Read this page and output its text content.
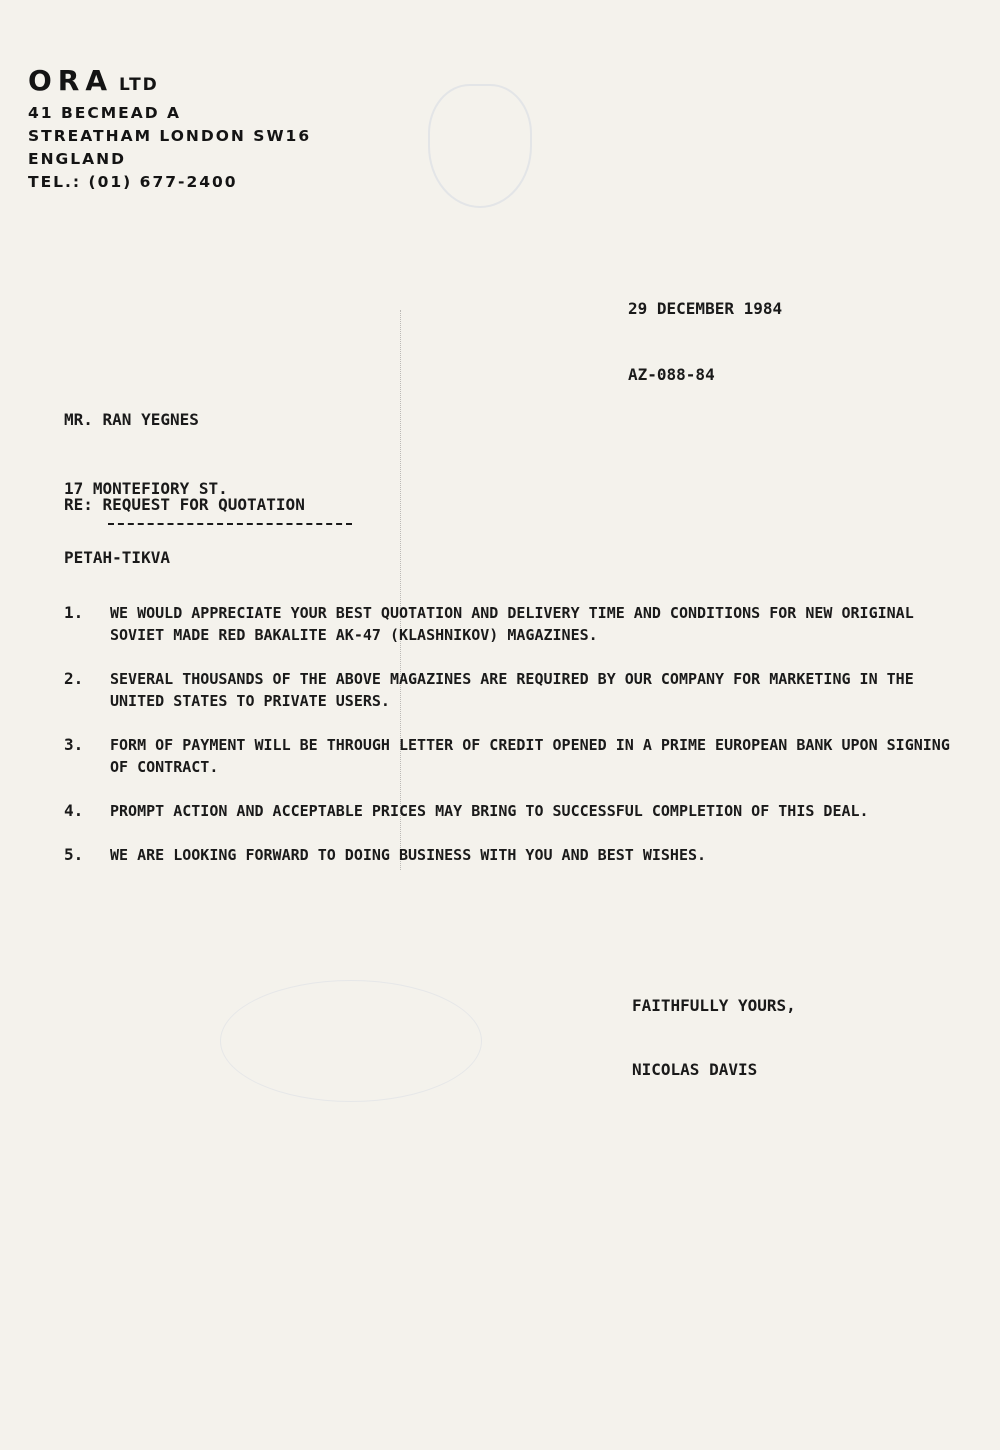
ORA LTD
41 BECMEAD A
STREATHAM LONDON SW16
ENGLAND
TEL.: (01) 677-2400

29 DECEMBER 1984

AZ-088-84

MR. RAN YEGNES

17 MONTEFIORY ST.

PETAH-TIKVA

RE: REQUEST FOR QUOTATION
1.	WE WOULD APPRECIATE YOUR BEST QUOTATION AND DELIVERY TIME AND CONDITIONS FOR NEW ORIGINAL SOVIET MADE RED BAKALITE AK-47 (KLASHNIKOV) MAGAZINES.
2.	SEVERAL THOUSANDS OF THE ABOVE MAGAZINES ARE REQUIRED BY OUR COMPANY FOR MARKETING IN THE UNITED STATES TO PRIVATE USERS.
3.	FORM OF PAYMENT WILL BE THROUGH LETTER OF CREDIT OPENED IN A PRIME EUROPEAN BANK UPON SIGNING OF CONTRACT.
4.	PROMPT ACTION AND ACCEPTABLE PRICES MAY BRING TO SUCCESSFUL COMPLETION OF THIS DEAL.
5.	WE ARE LOOKING FORWARD TO DOING BUSINESS WITH YOU AND BEST WISHES.
FAITHFULLY YOURS,
NICOLAS DAVIS
